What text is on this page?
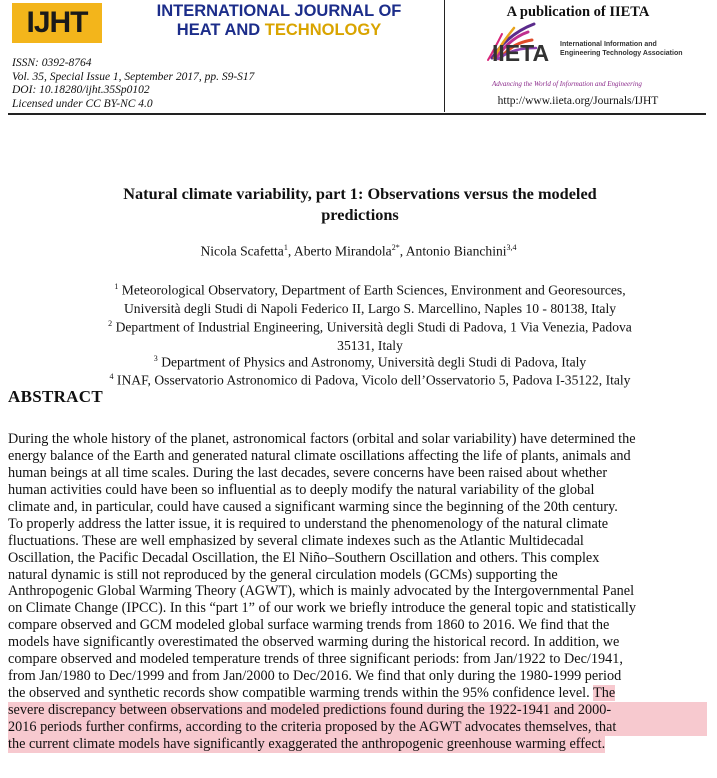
IJHT	INTERNATIONAL JOURNAL OF
HEAT AND TECHNOLOGY
ISSN: 0392-8764
Vol. 35, Special Issue 1, September 2017, pp. S9-S17
DOI: 10.18280/ijht.35Sp0102
Licensed under CC BY-NC 4.0
A publication of IIETA
IIETA International Information and
Engineering Technology Association
Advancing the World of Information and Engineering
http://www.iieta.org/Journals/IJHT
Natural climate variability, part 1: Observations versus the modeled
predictions
Nicola Scafetta$^1$, Aberto Mirandola$^{2*}$, Antonio Bianchini$^{3,4}$
$^1$ Meteorological Observatory, Department of Earth Sciences, Environment and Georesources,
Università degli Studi di Napoli Federico II, Largo S. Marcellino, Naples 10 - 80138, Italy
$^2$ Department of Industrial Engineering, Università degli Studi di Padova, 1 Via Venezia, Padova
35131, Italy
$^3$ Department of Physics and Astronomy, Università degli Studi di Padova, Italy
$^4$ INAF, Osservatorio Astronomico di Padova, Vicolo dell’Osservatorio 5, Padova I-35122, Italy
ABSTRACT
During the whole history of the planet, astronomical factors (orbital and solar variability) have determined the
energy balance of the Earth and generated natural climate oscillations affecting the life of plants, animals and
human beings at all time scales. During the last decades, severe concerns have been raised about whether
human activities could have been so influential as to deeply modify the natural variability of the global
climate and, in particular, could have caused a significant warming since the beginning of the 20th century.
To properly address the latter issue, it is required to understand the phenomenology of the natural climate
fluctuations. These are well emphasized by several climate indexes such as the Atlantic Multidecadal
Oscillation, the Pacific Decadal Oscillation, the El Niño–Southern Oscillation and others. This complex
natural dynamic is still not reproduced by the general circulation models (GCMs) supporting the
Anthropogenic Global Warming Theory (AGWT), which is mainly advocated by the Intergovernmental Panel
on Climate Change (IPCC). In this “part 1” of our work we briefly introduce the general topic and statistically
compare observed and GCM modeled global surface warming trends from 1860 to 2016. We find that the
models have significantly overestimated the observed warming during the historical record. In addition, we
compare observed and modeled temperature trends of three significant periods: from Jan/1922 to Dec/1941,
from Jan/1980 to Dec/1999 and from Jan/2000 to Dec/2016. We find that only during the 1980-1999 period
the observed and synthetic records show compatible warming trends within the 95% confidence level. The
severe discrepancy between observations and modeled predictions found during the 1922-1941 and 2000-
2016 periods further confirms, according to the criteria proposed by the AGWT advocates themselves, that
the current climate models have significantly exaggerated the anthropogenic greenhouse warming effect.
